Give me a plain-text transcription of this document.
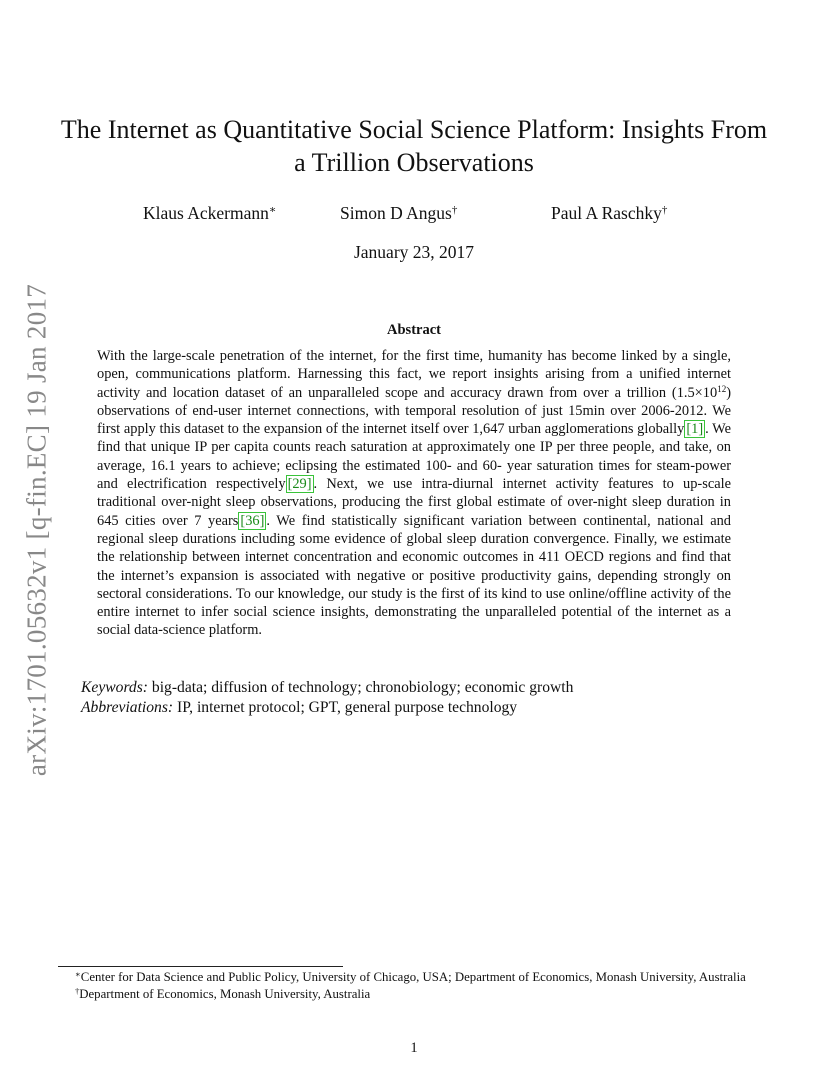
arXiv:1701.05632v1 [q-fin.EC] 19 Jan 2017
The Internet as Quantitative Social Science Platform: Insights From a Trillion Observations
Klaus Ackermann∗	Simon D Angus†	Paul A Raschky†
January 23, 2017
Abstract

With the large-scale penetration of the internet, for the first time, humanity has become linked by a single, open, communications platform. Harnessing this fact, we report insights arising from a unified internet activity and location dataset of an unparalleled scope and accuracy drawn from over a trillion $(1.5\times 10^{12})$ observations of end-user internet connections, with temporal resolution of just 15min over 2006-2012. We first apply this dataset to the expansion of the internet itself over 1,647 urban agglomerations globally [1] . We find that unique IP per capita counts reach saturation at approximately one IP per three people, and take, on average, 16.1 years to achieve; eclipsing the estimated 100- and 60- year saturation times for steam-power and electrification respectively [29] . Next, we use intra-diurnal internet activity features to up-scale traditional over-night sleep observations, producing the first global estimate of over-night sleep duration in 645 cities over 7 years [36] . We find statistically significant variation between continental, national and regional sleep durations including some evidence of global sleep duration convergence. Finally, we estimate the relationship between internet concentration and economic outcomes in 411 OECD regions and find that the internet’s expansion is associated with negative or positive productivity gains, depending strongly on sectoral considerations. To our knowledge, our study is the first of its kind to use online/offline activity of the entire internet to infer social science insights, demonstrating the unparalleled potential of the internet as a social data-science platform.

Keywords: big-data; diffusion of technology; chronobiology; economic growth
Abbreviations: IP, internet protocol; GPT, general purpose technology

∗Center for Data Science and Public Policy, University of Chicago, USA; Department of Economics, Monash University, Australia

†Department of Economics, Monash University, Australia

1
